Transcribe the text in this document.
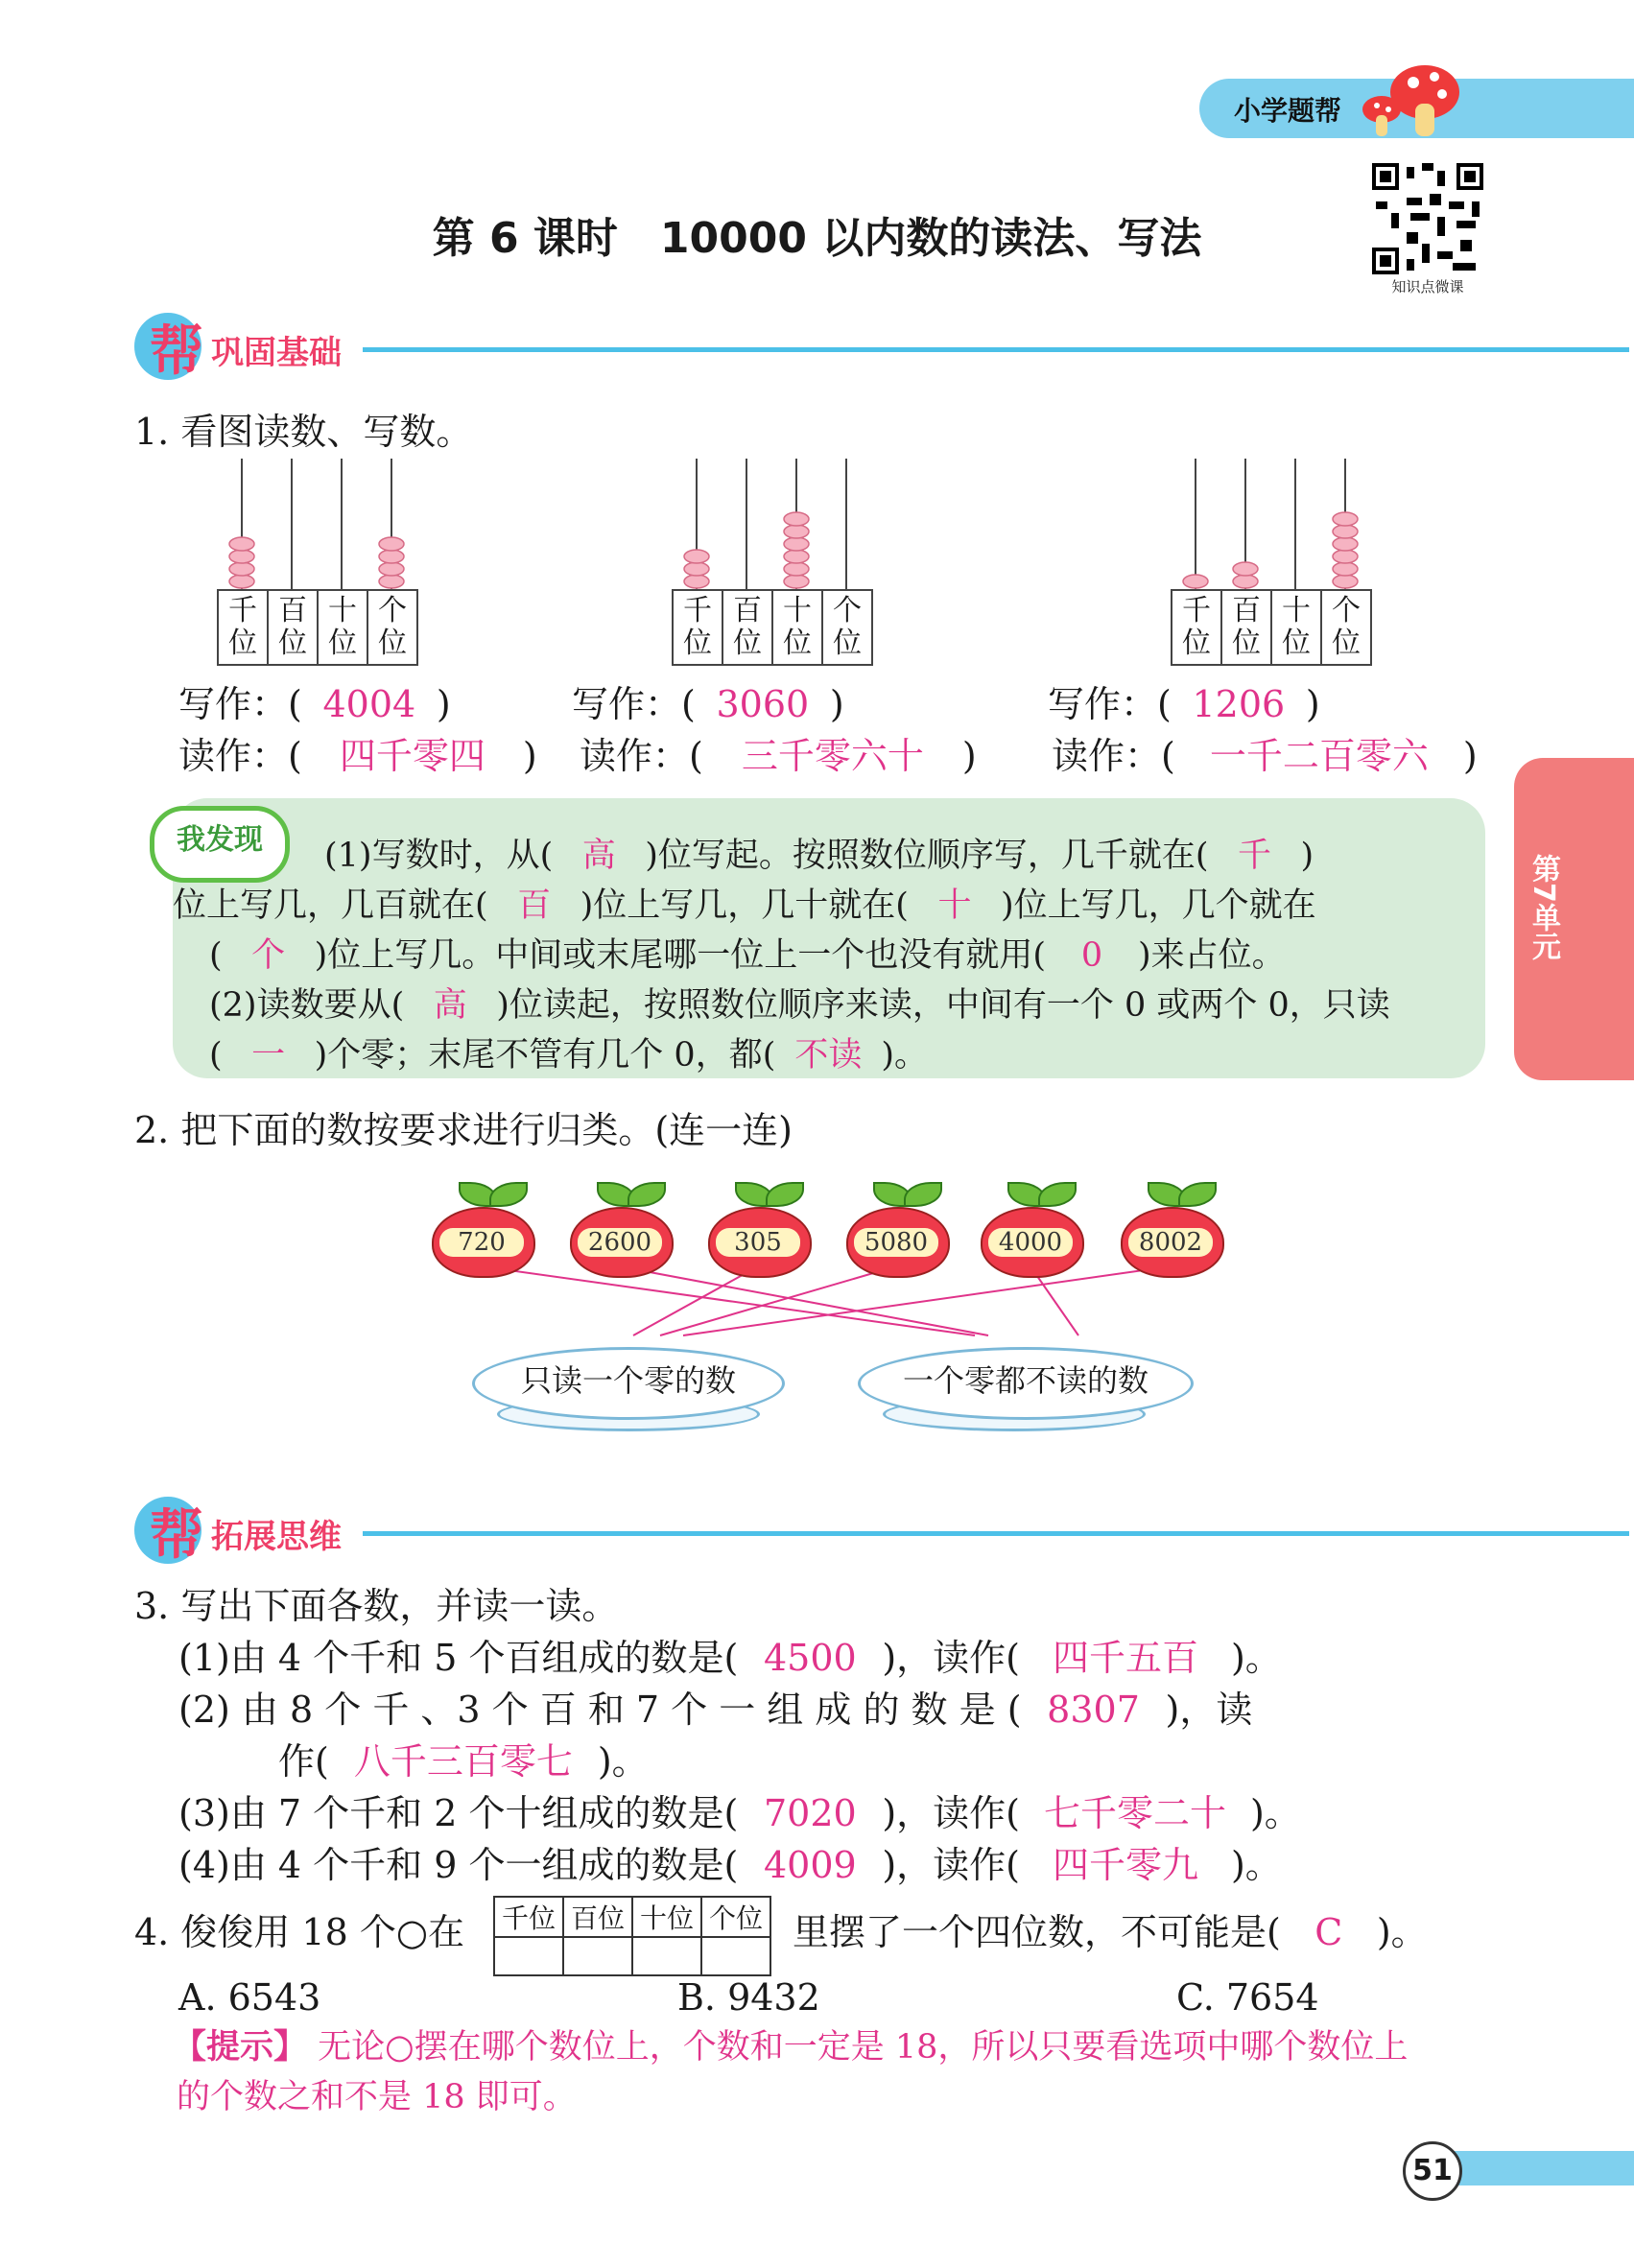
小学题帮
知识点微课
第 6 课时　10000 以内数的读法、写法
第7单元
帮 巩固基础
1. 看图读数、写数。
千
位	百
位	十
位	个
位
千
位	百
位	十
位	个
位
千
位	百
位	十
位	个
位
写作：( 4004 )	写作：( 3060 )	写作：( 1206 )
读作：( 四千零四 ) 读作：( 三千零六十 ) 读作：( 一千二百零六 )
我发现	(1)写数时，从( 高 )位写起。按照数位顺序写，几千就在( 千 )
位上写几，几百就在( 百 )位上写几，几十就在( 十 )位上写几，几个就在
( 个 )位上写几。中间或末尾哪一位上一个也没有就用( 0 )来占位。
(2)读数要从( 高 )位读起，按照数位顺序来读，中间有一个 0 或两个 0，只读
( 一 )个零；末尾不管有几个 0，都( 不读 )。
2. 把下面的数按要求进行归类。(连一连)
720	2600	305	5080	4000	8002
只读一个零的数	一个零都不读的数
帮 拓展思维
3. 写出下面各数，并读一读。
(1)由 4 个千和 5 个百组成的数是( 4500 )，读作( 四千五百 )。
(2) 由 8 个 千 、3 个 百 和 7 个 一 组 成 的 数 是 ( 8307 )，读
作( 八千三百零七 )。
(3)由 7 个千和 2 个十组成的数是( 7020 )，读作( 七千零二十 )。
(4)由 4 个千和 9 个一组成的数是( 4009 )，读作( 四千零九 )。
4. 俊俊用 18 个○在 千位	百位	十位	个位
			里摆了一个四位数，不可能是( C )。
A. 6543	B. 9432	C. 7654
【提示】 无论○摆在哪个数位上，个数和一定是 18，所以只要看选项中哪个数位上
的个数之和不是 18 即可。
51
